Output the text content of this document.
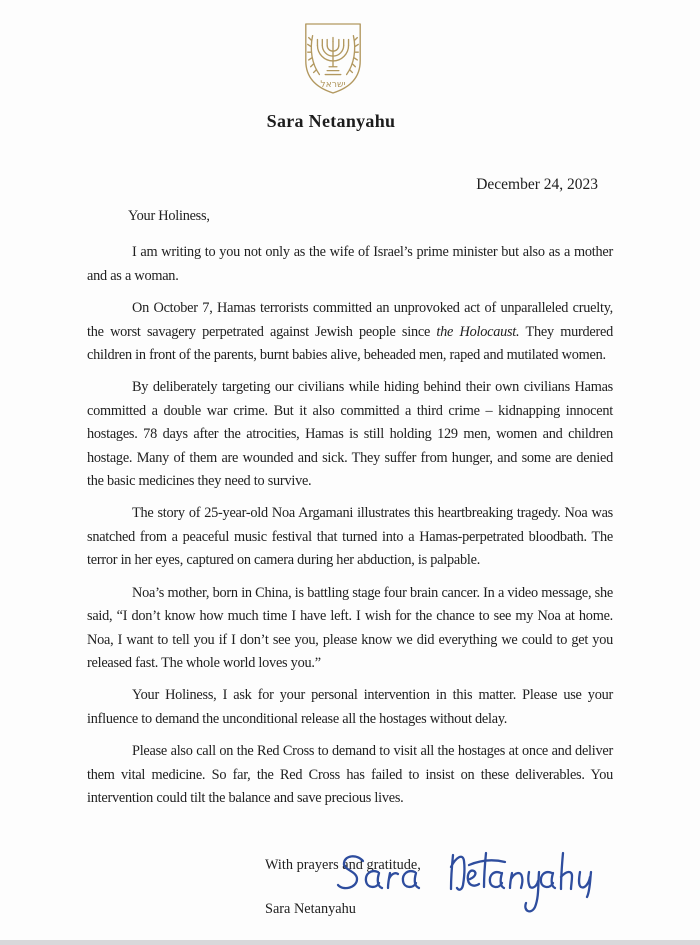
ישראל
Sara Netanyahu
December 24, 2023
Your Holiness,

I am writing to you not only as the wife of Israel’s prime minister but also as a mother and as a woman.

On October 7, Hamas terrorists committed an unprovoked act of unparalleled cruelty, the worst savagery perpetrated against Jewish people since the Holocaust. They murdered children in front of the parents, burnt babies alive, beheaded men, raped and mutilated women.

By deliberately targeting our civilians while hiding behind their own civilians Hamas committed a double war crime. But it also committed a third crime – kidnapping innocent hostages. 78 days after the atrocities, Hamas is still holding 129 men, women and children hostage. Many of them are wounded and sick. They suffer from hunger, and some are denied the basic medicines they need to survive.

The story of 25-year-old Noa Argamani illustrates this heartbreaking tragedy. Noa was snatched from a peaceful music festival that turned into a Hamas-perpetrated bloodbath. The terror in her eyes, captured on camera during her abduction, is palpable.

Noa’s mother, born in China, is battling stage four brain cancer. In a video message, she said, “I don’t know how much time I have left. I wish for the chance to see my Noa at home. Noa, I want to tell you if I don’t see you, please know we did everything we could to get you released fast. The whole world loves you.”

Your Holiness, I ask for your personal intervention in this matter. Please use your influence to demand the unconditional release all the hostages without delay.

Please also call on the Red Cross to demand to visit all the hostages at once and deliver them vital medicine. So far, the Red Cross has failed to insist on these deliverables. You intervention could tilt the balance and save precious lives.

With prayers and gratitude,
Sara Netanyahu
